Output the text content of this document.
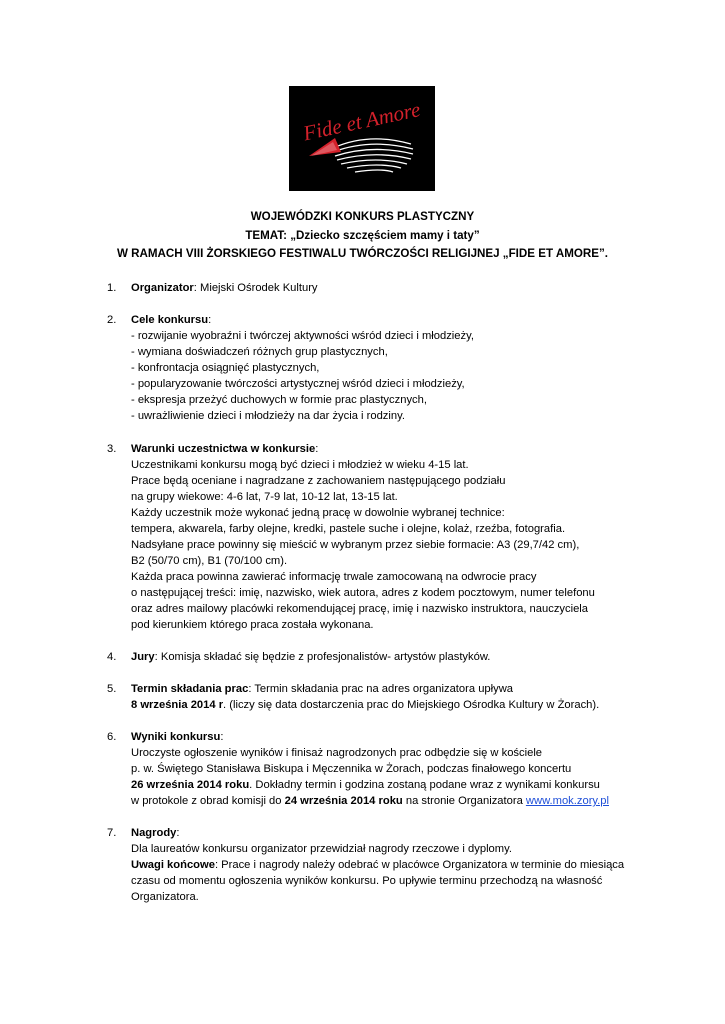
Fide et Amore
WOJEWÓDZKI KONKURS PLASTYCZNY
TEMAT: „Dziecko szczęściem mamy i taty”
W RAMACH VIII ŻORSKIEGO FESTIWALU TWÓRCZOŚCI RELIGIJNEJ „FIDE ET AMORE”.
1. Organizator: Miejski Ośrodek Kultury
2. Cele konkursu:
- rozwijanie wyobraźni i twórczej aktywności wśród dzieci i młodzieży,
- wymiana doświadczeń różnych grup plastycznych,
- konfrontacja osiągnięć plastycznych,
- popularyzowanie twórczości artystycznej wśród dzieci i młodzieży,
- ekspresja przeżyć duchowych w formie prac plastycznych,
- uwrażliwienie dzieci i młodzieży na dar życia i rodziny.
3. Warunki uczestnictwa w konkursie:
Uczestnikami konkursu mogą być dzieci i młodzież w wieku 4-15 lat.
Prace będą oceniane i nagradzane z zachowaniem następującego podziału
na grupy wiekowe: 4-6 lat, 7-9 lat, 10-12 lat, 13-15 lat.
Każdy uczestnik może wykonać jedną pracę w dowolnie wybranej technice:
tempera, akwarela, farby olejne, kredki, pastele suche i olejne, kolaż, rzeźba, fotografia.
Nadsyłane prace powinny się mieścić w wybranym przez siebie formacie: A3 (29,7/42 cm),
B2 (50/70 cm), B1 (70/100 cm).
Każda praca powinna zawierać informację trwale zamocowaną na odwrocie pracy
o następującej treści: imię, nazwisko, wiek autora, adres z kodem pocztowym, numer telefonu
oraz adres mailowy placówki rekomendującej pracę, imię i nazwisko instruktora, nauczyciela
pod kierunkiem którego praca została wykonana.
4. Jury: Komisja składać się będzie z profesjonalistów- artystów plastyków.
5. Termin składania prac: Termin składania prac na adres organizatora upływa
8 września 2014 r. (liczy się data dostarczenia prac do Miejskiego Ośrodka Kultury w Żorach).
6. Wyniki konkursu:
Uroczyste ogłoszenie wyników i finisaż nagrodzonych prac odbędzie się w kościele
p. w. Świętego Stanisława Biskupa i Męczennika w Żorach, podczas finałowego koncertu
26 września 2014 roku. Dokładny termin i godzina zostaną podane wraz z wynikami konkursu
w protokole z obrad komisji do 24 września 2014 roku na stronie Organizatora www.mok.zory.pl
7. Nagrody:
Dla laureatów konkursu organizator przewidział nagrody rzeczowe i dyplomy.
Uwagi końcowe: Prace i nagrody należy odebrać w placówce Organizatora w terminie do miesiąca
czasu od momentu ogłoszenia wyników konkursu. Po upływie terminu przechodzą na własność
Organizatora.
